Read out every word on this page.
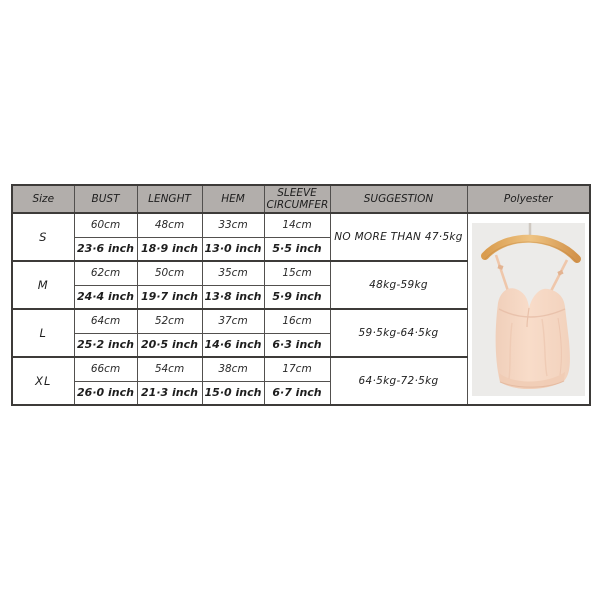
Size	BUST	LENGHT	HEM	SLEEVE CIRCUMFER	SUGGESTION	Polyester
S	60cm	48cm	33cm	14cm	NO MORE THAN 47·5kg	

	23·6 inch	18·9 inch	13·0 inch	5·5 inch		
M	62cm	50cm	35cm	15cm	48kg-59kg	
	24·4 inch	19·7 inch	13·8 inch	5·9 inch		
L	64cm	52cm	37cm	16cm	59·5kg-64·5kg	
	25·2 inch	20·5 inch	14·6 inch	6·3 inch		
XL	66cm	54cm	38cm	17cm	64·5kg-72·5kg	
	26·0 inch	21·3 inch	15·0 inch	6·7 inch		
